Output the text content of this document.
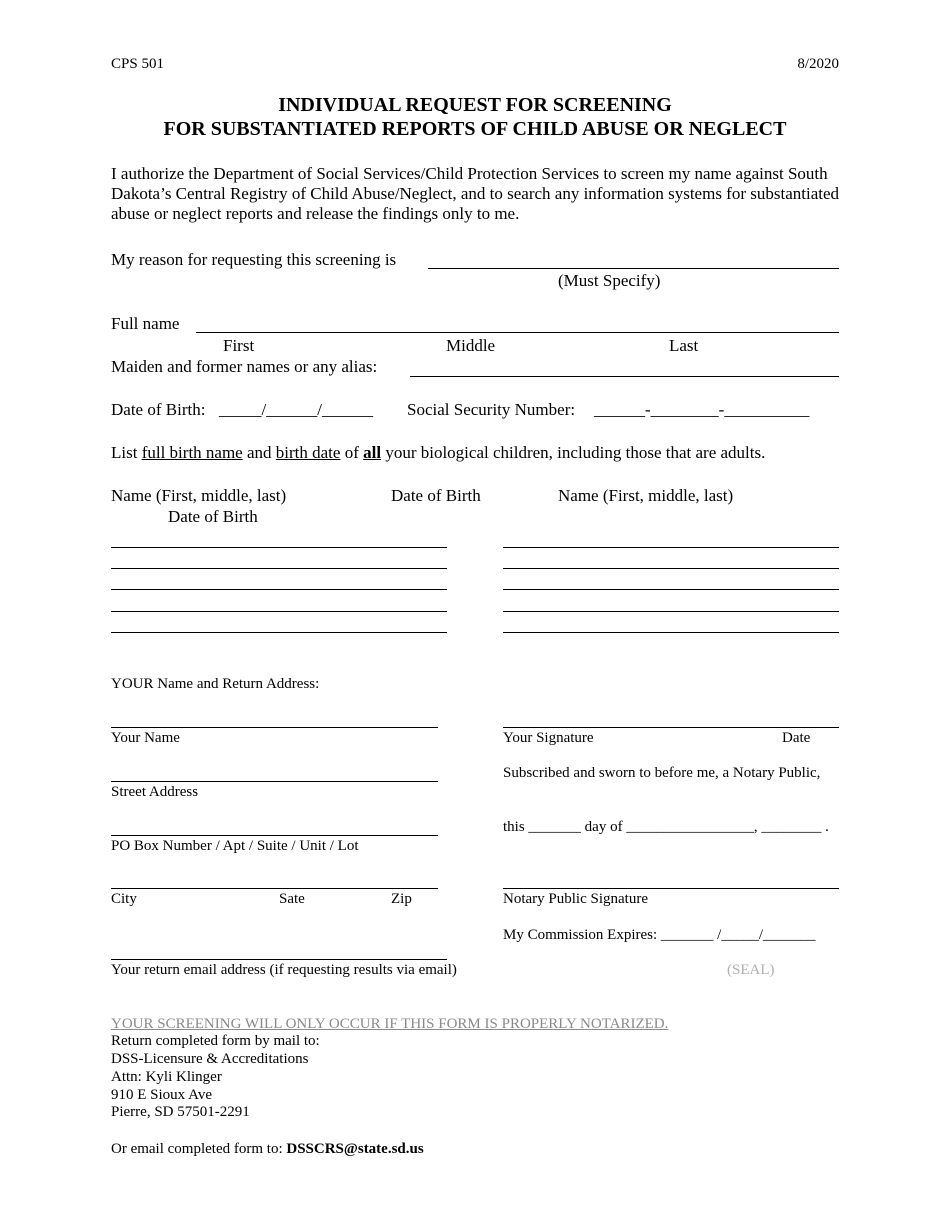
CPS 501	8/2020
INDIVIDUAL REQUEST FOR SCREENING
FOR SUBSTANTIATED REPORTS OF CHILD ABUSE OR NEGLECT
I authorize the Department of Social Services/Child Protection Services to screen my name against South Dakota’s Central Registry of Child Abuse/Neglect, and to search any information systems for substantiated abuse or neglect reports and release the findings only to me.
My reason for requesting this screening is
(Must Specify)
Full name
First	Middle	Last
Maiden and former names or any alias:
Date of Birth: _____/______/______ Social Security Number: ______-________-__________
List full birth name and birth date of all your biological children, including those that are adults.
Name (First, middle, last)	Date of Birth	Name (First, middle, last)
Date of Birth
YOUR Name and Return Address:
Your Name
Street Address
PO Box Number / Apt / Suite / Unit / Lot
City	Sate	Zip
Your return email address (if requesting results via email)
Your Signature	Date
Subscribed and sworn to before me, a Notary Public,
this _______ day of _________________, ________ .
Notary Public Signature
My Commission Expires: _______ /_____/_______
(SEAL)
YOUR SCREENING WILL ONLY OCCUR IF THIS FORM IS PROPERLY NOTARIZED.
Return completed form by mail to:
DSS-Licensure & Accreditations
Attn: Kyli Klinger
910 E Sioux Ave
Pierre, SD 57501-2291
Or email completed form to: DSSCRS@state.sd.us
